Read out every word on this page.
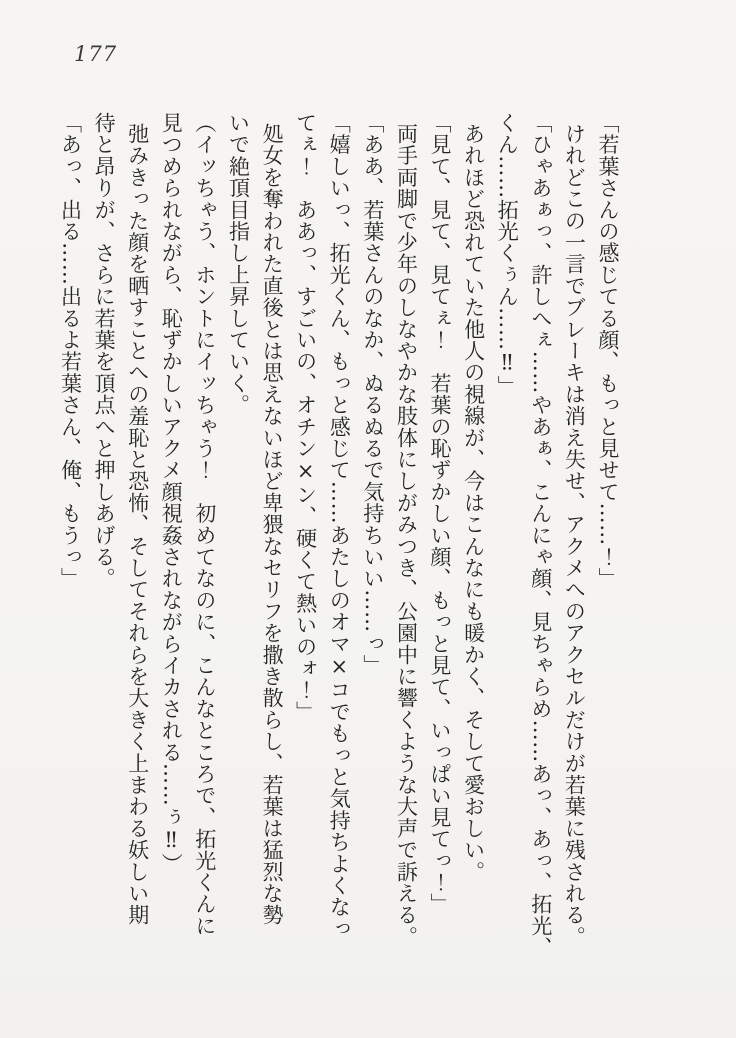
177
「若葉さんの感じてる顔、もっと見せて……！」
けれどこの一言でブレーキは消え失せ、アクメへのアクセルだけが若葉に残される。
「ひゃあぁっ、許しへぇ……やあぁ、こんにゃ顔、見ちゃらめ……あっ、あっ、拓光、
くん……拓光くぅん……‼」
あれほど恐れていた他人の視線が、今はこんなにも暖かく、そして愛おしい。
「見て、見て、見てぇ！　若葉の恥ずかしい顔、もっと見て、いっぱい見てっ！」
両手両脚で少年のしなやかな肢体にしがみつき、公園中に響くような大声で訴える。
「ああ、若葉さんのなか、ぬるぬるで気持ちいい……っ」
「嬉しいっ、拓光くん、もっと感じて……あたしのオマ×コでもっと気持ちよくなっ
てぇ！　ああっ、すごいの、オチン×ン、硬くて熱いのォ！」
処女を奪われた直後とは思えないほど卑猥なセリフを撒き散らし、若葉は猛烈な勢
いで絶頂目指し上昇していく。
（イッちゃう、ホントにイッちゃう！　初めてなのに、こんなところで、拓光くんに
見つめられながら、恥ずかしいアクメ顔視姦されながらイカされる……ぅ‼）
弛みきった顔を晒すことへの羞恥と恐怖、そしてそれらを大きく上まわる妖しい期
待と昂りが、さらに若葉を頂点へと押しあげる。
「あっ、出る……出るよ若葉さん、俺、もうっ」
